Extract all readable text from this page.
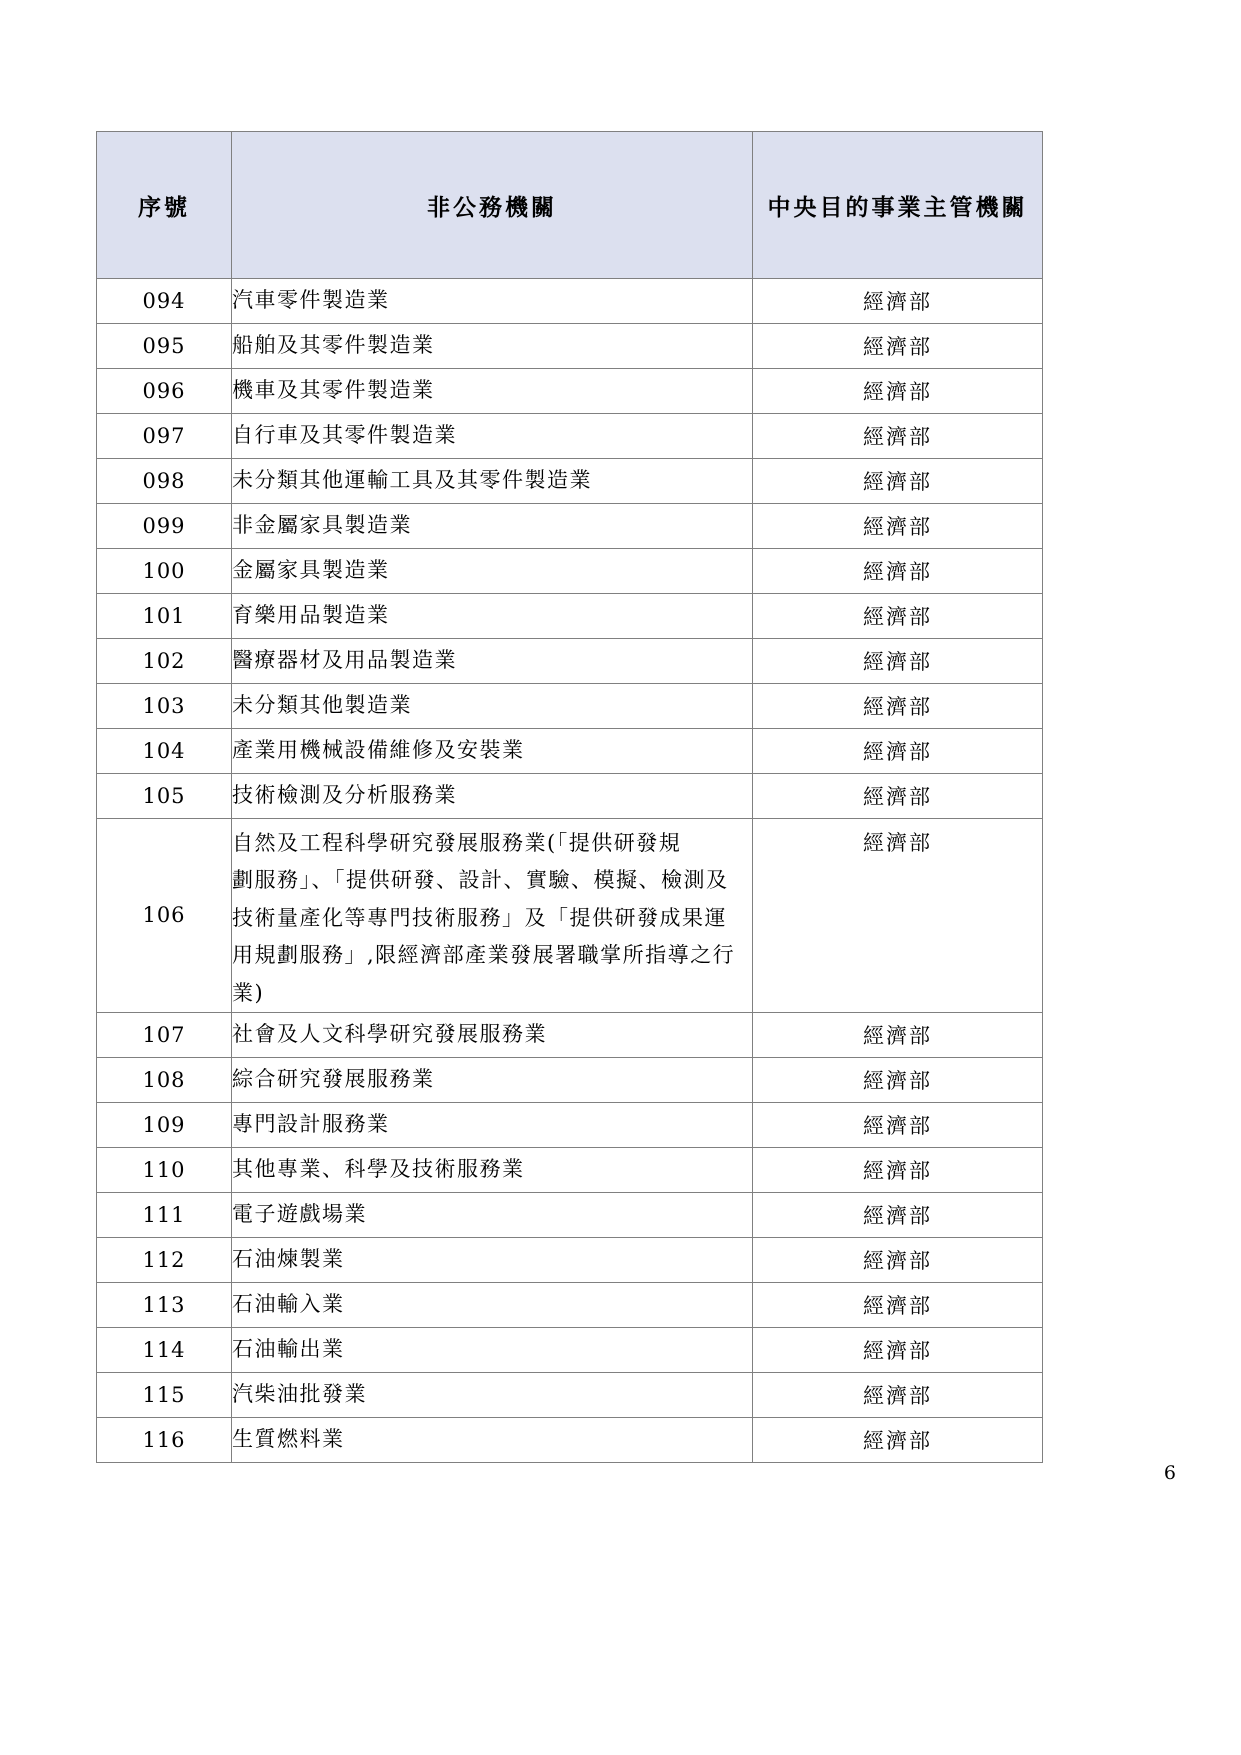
序號	非公務機關	中央目的事業主管機關
094	汽車零件製造業	經濟部
095	船舶及其零件製造業	經濟部
096	機車及其零件製造業	經濟部
097	自行車及其零件製造業	經濟部
098	未分類其他運輸工具及其零件製造業	經濟部
099	非金屬家具製造業	經濟部
100	金屬家具製造業	經濟部
101	育樂用品製造業	經濟部
102	醫療器材及用品製造業	經濟部
103	未分類其他製造業	經濟部
104	產業用機械設備維修及安裝業	經濟部
105	技術檢測及分析服務業	經濟部
106	自然及工程科學研究發展服務業(「提供研發規
劃服務」、「提供研發、設計、實驗、模擬、檢測及
技術量產化等專門技術服務」及「提供研發成果運
用規劃服務」,限經濟部產業發展署職掌所指導之行
業)	經濟部
107	社會及人文科學研究發展服務業	經濟部
108	綜合研究發展服務業	經濟部
109	專門設計服務業	經濟部
110	其他專業、科學及技術服務業	經濟部
111	電子遊戲場業	經濟部
112	石油煉製業	經濟部
113	石油輸入業	經濟部
114	石油輸出業	經濟部
115	汽柴油批發業	經濟部
116	生質燃料業	經濟部
6
